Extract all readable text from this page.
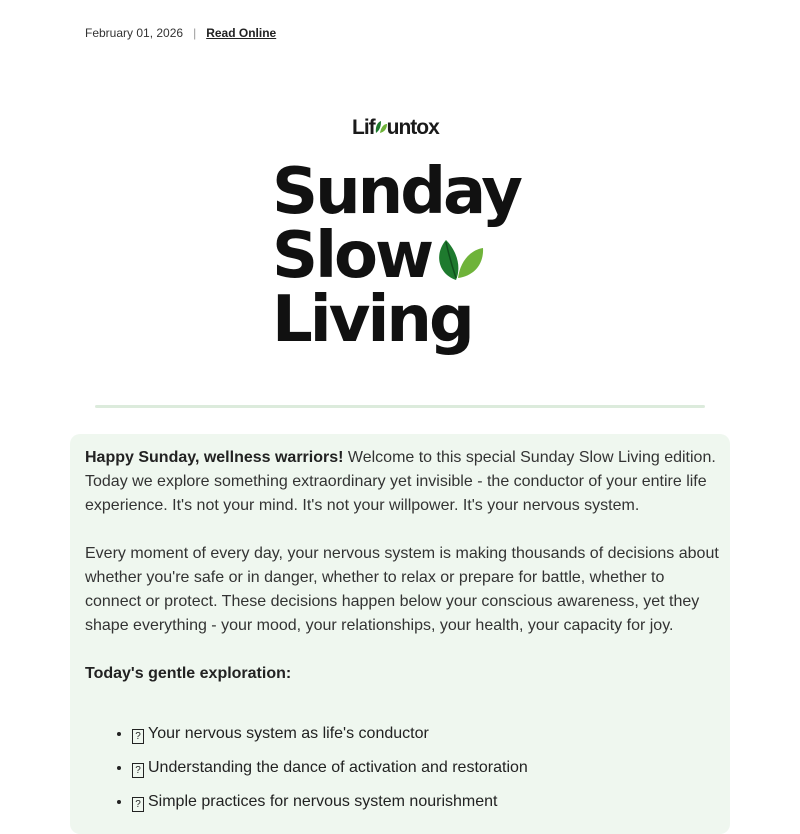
February 01, 2026 | Read Online
Lif untox
Sunday
Slow
Living

Happy Sunday, wellness warriors! Welcome to this special Sunday Slow Living edition. Today we explore something extraordinary yet invisible - the conductor of your entire life experience. It's not your mind. It's not your willpower. It's your nervous system.

Every moment of every day, your nervous system is making thousands of decisions about whether you're safe or in danger, whether to relax or prepare for battle, whether to connect or protect. These decisions happen below your conscious awareness, yet they shape everything - your mood, your relationships, your health, your capacity for joy.

Today's gentle exploration:
• ? Your nervous system as life's conductor
• ? Understanding the dance of activation and restoration
• ? Simple practices for nervous system nourishment
